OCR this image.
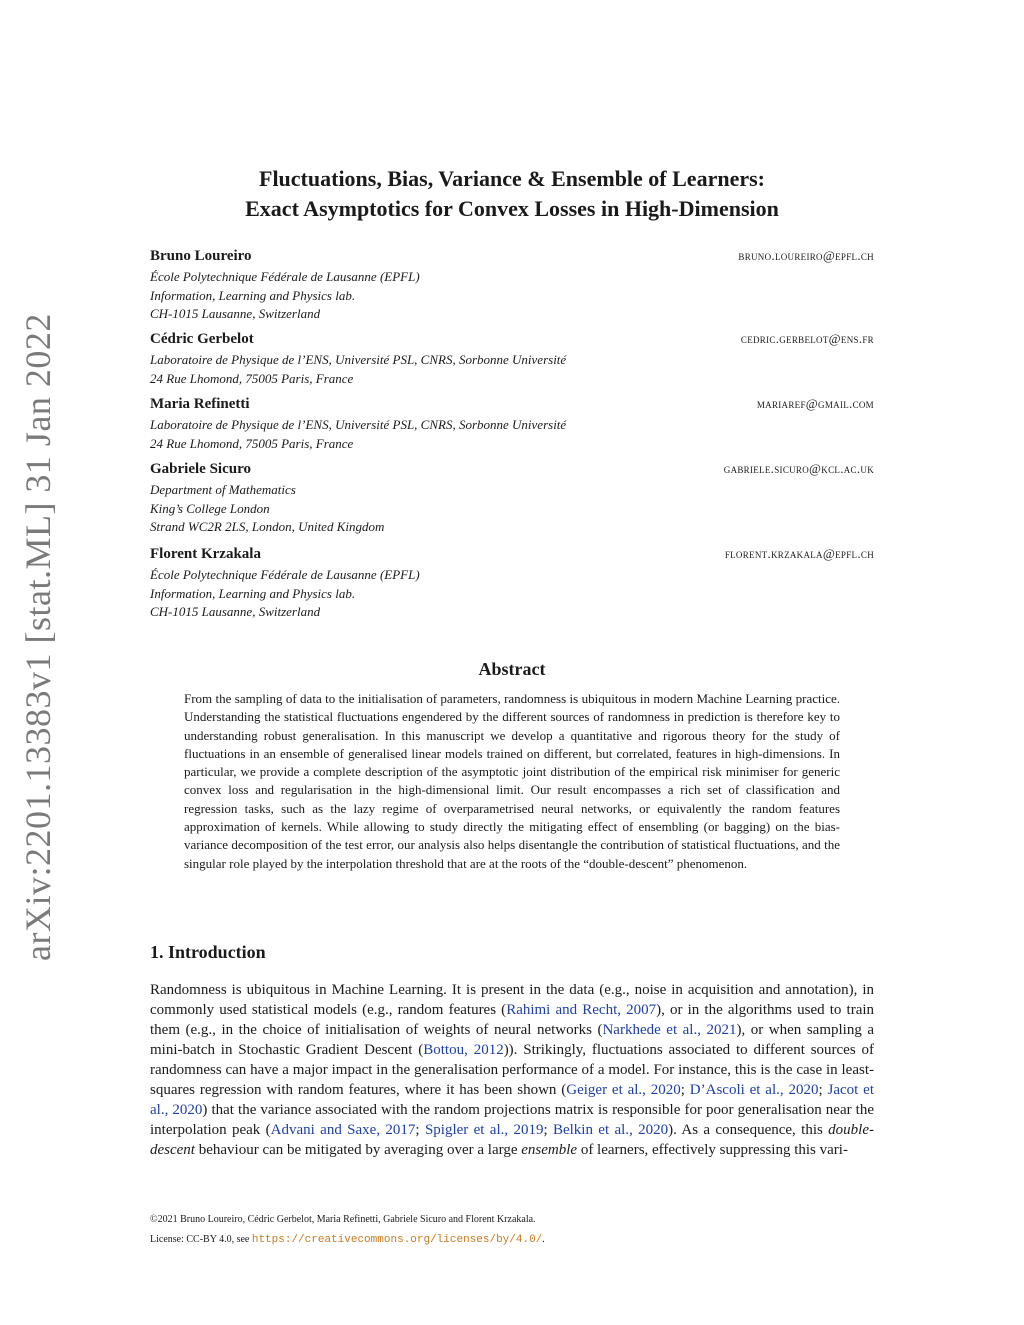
arXiv:2201.13383v1 [stat.ML] 31 Jan 2022
Fluctuations, Bias, Variance & Ensemble of Learners:
Exact Asymptotics for Convex Losses in High-Dimension
Bruno Loureiro	bruno.loureiro@epfl.ch
École Polytechnique Fédérale de Lausanne (EPFL)
Information, Learning and Physics lab.
CH-1015 Lausanne, Switzerland
Cédric Gerbelot	cedric.gerbelot@ens.fr
Laboratoire de Physique de l’ENS, Université PSL, CNRS, Sorbonne Université
24 Rue Lhomond, 75005 Paris, France
Maria Refinetti	mariaref@gmail.com
Laboratoire de Physique de l’ENS, Université PSL, CNRS, Sorbonne Université
24 Rue Lhomond, 75005 Paris, France
Gabriele Sicuro	gabriele.sicuro@kcl.ac.uk
Department of Mathematics
King’s College London
Strand WC2R 2LS, London, United Kingdom
Florent Krzakala	florent.krzakala@epfl.ch
École Polytechnique Fédérale de Lausanne (EPFL)
Information, Learning and Physics lab.
CH-1015 Lausanne, Switzerland
Abstract
From the sampling of data to the initialisation of parameters, randomness is ubiquitous in modern Machine Learning practice. Understanding the statistical fluctuations engendered by the different sources of randomness in prediction is therefore key to understanding robust generalisation. In this manuscript we develop a quantitative and rigorous theory for the study of fluctuations in an ensemble of generalised linear models trained on different, but correlated, features in high-dimensions. In particular, we provide a complete description of the asymptotic joint distribution of the empirical risk minimiser for generic convex loss and regularisation in the high-dimensional limit. Our result encompasses a rich set of classification and regression tasks, such as the lazy regime of overparametrised neural networks, or equivalently the random features approximation of kernels. While allowing to study directly the mitigating effect of ensembling (or bagging) on the bias-variance decomposition of the test error, our analysis also helps disentangle the contribution of statistical fluctuations, and the singular role played by the interpolation threshold that are at the roots of the “double-descent” phenomenon.
1. Introduction
Randomness is ubiquitous in Machine Learning. It is present in the data (e.g., noise in acquisition and annotation), in commonly used statistical models (e.g., random features (Rahimi and Recht, 2007), or in the algorithms used to train them (e.g., in the choice of initialisation of weights of neural networks (Narkhede et al., 2021), or when sampling a mini-batch in Stochastic Gradient Descent (Bottou, 2012)). Strikingly, fluctuations associated to different sources of randomness can have a major impact in the generalisation performance of a model. For instance, this is the case in least-squares regression with random features, where it has been shown (Geiger et al., 2020; D’Ascoli et al., 2020; Jacot et al., 2020) that the variance associated with the random projections matrix is responsible for poor generalisation near the interpolation peak (Advani and Saxe, 2017; Spigler et al., 2019; Belkin et al., 2020). As a consequence, this double-descent behaviour can be mitigated by averaging over a large ensemble of learners, effectively suppressing this vari-
©2021 Bruno Loureiro, Cédric Gerbelot, Maria Refinetti, Gabriele Sicuro and Florent Krzakala.
License: CC-BY 4.0, see https://creativecommons.org/licenses/by/4.0/.
